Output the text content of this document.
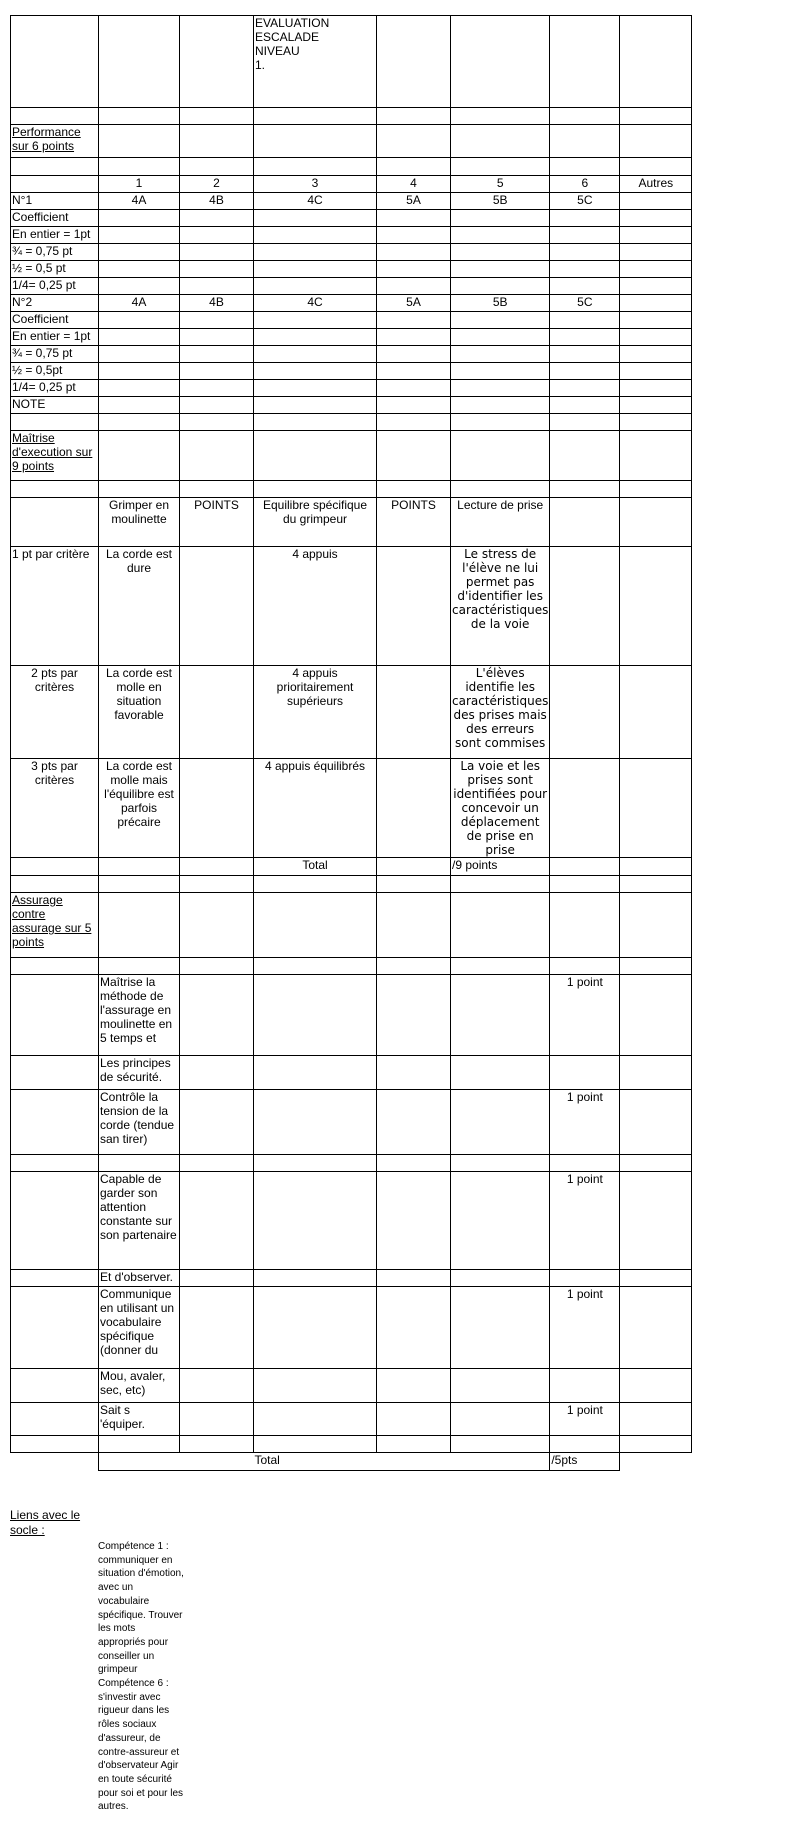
			EVALUATION
ESCALADE
NIVEAU
1.				

Performance sur 6 points							

	1	2	3	4	5	6	Autres
N°1	4A	4B	4C	5A	5B	5C	
Coefficient							
En entier = 1pt							
¾ = 0,75 pt							
½ = 0,5 pt							
1/4= 0,25 pt							
N°2	4A	4B	4C	5A	5B	5C	
Coefficient							
En entier = 1pt							
¾ = 0,75 pt							
½ = 0,5pt							
1/4= 0,25 pt							
NOTE							

Maîtrise d'execution sur 9 points							

	Grimper en moulinette	POINTS	Equilibre spécifique du grimpeur	POINTS	Lecture de prise		
1 pt par critère	La corde est dure		4 appuis		Le stress de l'élève ne lui permet pas d'identifier les caractéristiques de la voie		
2 pts par critères	La corde est molle en situation favorable		4 appuis prioritairement supérieurs		L'élèves identifie les caractéristiques des prises mais des erreurs sont commises		
3 pts par critères	La corde est molle mais l'équilibre est parfois précaire		4 appuis équilibrés		La voie et les prises sont identifiées pour concevoir un déplacement de prise en prise		
			Total		/9 points		

Assurage contre assurage sur 5 points							

	Maîtrise la méthode de l'assurage en moulinette en 5 temps et					1 point	
	Les principes de sécurité.						
	Contrôle la tension de la corde (tendue san tirer)					1 point	

	Capable de garder son attention constante sur son partenaire					1 point	
	Et d'observer.						
	Communique en utilisant un vocabulaire spécifique (donner du					1 point	
	Mou, avaler, sec, etc)						
	Sait s 'équiper.					1 point	

			Total			/5pts	
Liens avec le socle :
Compétence 1 : communiquer en situation d'émotion, avec un vocabulaire spécifique. Trouver les mots appropriés pour conseiller un grimpeur Compétence 6 : s'investir avec rigueur dans les rôles sociaux d'assureur, de contre-assureur et d'observateur Agir en toute sécurité pour soi et pour les autres.
